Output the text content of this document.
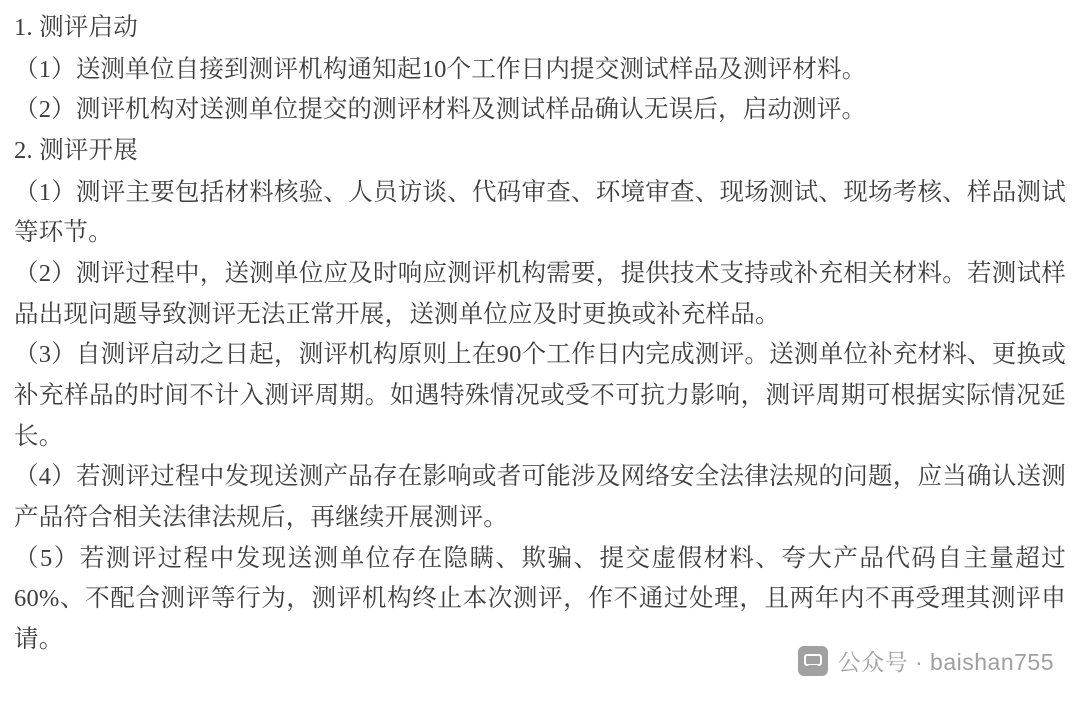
1. 测评启动

（1）送测单位自接到测评机构通知起10个工作日内提交测试样品及测评材料。

（2）测评机构对送测单位提交的测评材料及测试样品确认无误后，启动测评。

2. 测评开展

（1）测评主要包括材料核验、人员访谈、代码审查、环境审查、现场测试、现场考核、样品测试等环节。

（2）测评过程中，送测单位应及时响应测评机构需要，提供技术支持或补充相关材料。若测试样品出现问题导致测评无法正常开展，送测单位应及时更换或补充样品。

（3）自测评启动之日起，测评机构原则上在90个工作日内完成测评。送测单位补充材料、更换或补充样品的时间不计入测评周期。如遇特殊情况或受不可抗力影响，测评周期可根据实际情况延长。

（4）若测评过程中发现送测产品存在影响或者可能涉及网络安全法律法规的问题，应当确认送测产品符合相关法律法规后，再继续开展测评。

（5）若测评过程中发现送测单位存在隐瞒、欺骗、提交虚假材料、夸大产品代码自主量超过60%、不配合测评等行为，测评机构终止本次测评，作不通过处理，且两年内不再受理其测评申请。

公众号 · baishan755
